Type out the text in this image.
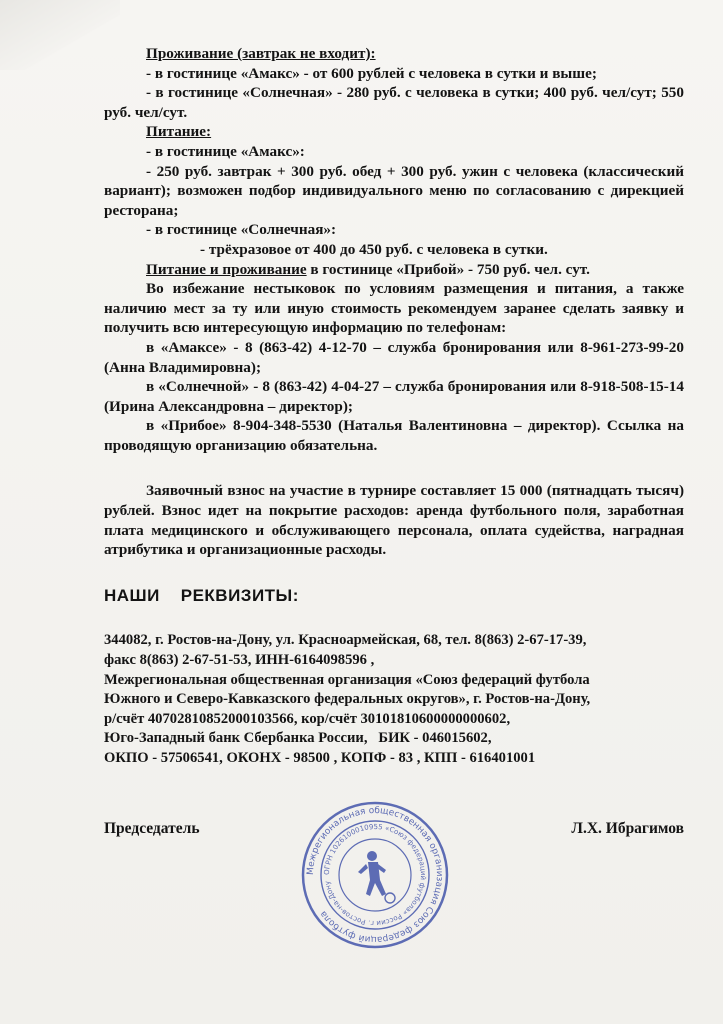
Проживание (завтрак не входит):

- в гостинице «Амакс» - от 600 рублей с человека в сутки и выше;

- в гостинице «Солнечная» - 280 руб. с человека в сутки; 400 руб. чел/сут; 550 руб. чел/сут.

Питание:

- в гостинице «Амакс»:

- 250 руб. завтрак + 300 руб. обед + 300 руб. ужин с человека (классический вариант); возможен подбор индивидуального меню по согласованию с дирекцией ресторана;

- в гостинице «Солнечная»:

- трёхразовое от 400 до 450 руб. с человека в сутки.

Питание и проживание в гостинице «Прибой» - 750 руб. чел. сут.

Во избежание нестыковок по условиям размещения и питания, а также наличию мест за ту или иную стоимость рекомендуем заранее сделать заявку и получить всю интересующую информацию по телефонам:

в «Амаксе» - 8 (863-42) 4-12-70 – служба бронирования или 8-961-273-99-20 (Анна Владимировна);

в «Солнечной» - 8 (863-42) 4-04-27 – служба бронирования или 8-918-508-15-14 (Ирина Александровна – директор);

в «Прибое» 8-904-348-5530 (Наталья Валентиновна – директор). Ссылка на проводящую организацию обязательна.

Заявочный взнос на участие в турнире составляет 15 000 (пятнадцать тысяч) рублей. Взнос идет на покрытие расходов: аренда футбольного поля, заработная плата медицинского и обслуживающего персонала, оплата судейства, наградная атрибутика и организационные расходы.

НАШИ    РЕКВИЗИТЫ:

344082, г. Ростов-на-Дону, ул. Красноармейская, 68, тел. 8(863) 2-67-17-39,

факс 8(863) 2-67-51-53, ИНН-6164098596 ,

Межрегиональная общественная организация «Союз федераций футбола

Южного и Северо-Кавказского федеральных округов», г. Ростов-на-Дону,

р/счёт 40702810852000103566, кор/счёт 30101810600000000602,

Юго-Западный банк Сбербанка России,   БИК - 046015602,

ОКПО - 57506541, ОКОНХ - 98500 , КОПФ - 83 , КПП - 616401001

Председатель	Л.Х. Ибрагимов
Межрегиональная общественная организация Союз федераций футбола
ОГРН 1026100010955 «Союз федераций футбола» России г. Ростов-на-Дону
